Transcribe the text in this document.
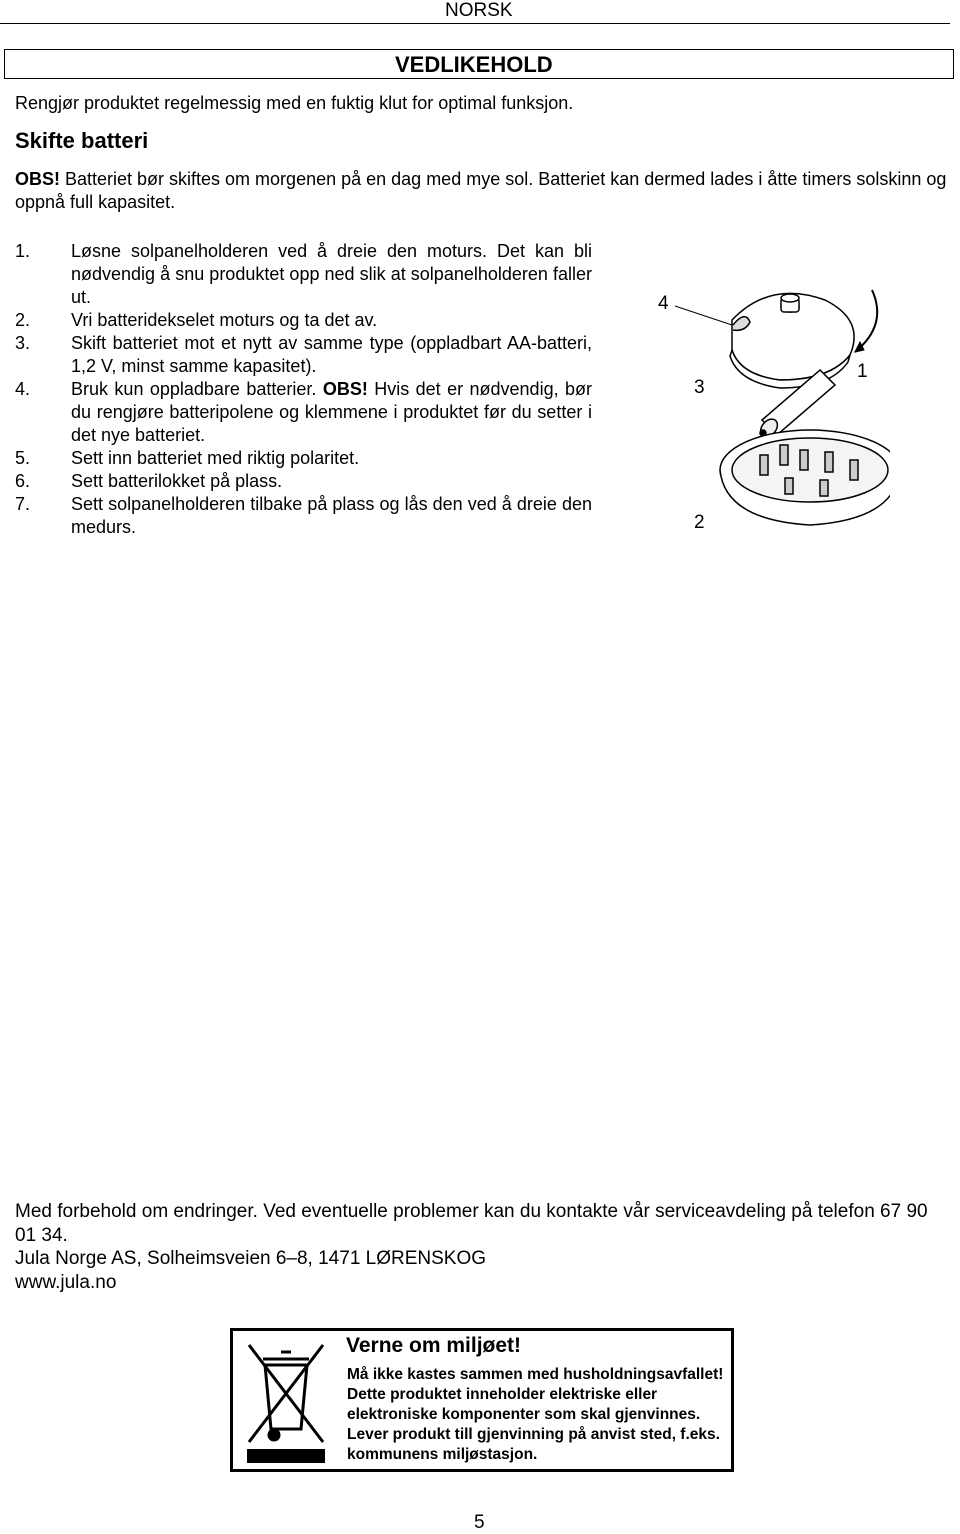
NORSK
VEDLIKEHOLD
Rengjør produktet regelmessig med en fuktig klut for optimal funksjon.
Skifte batteri
OBS! Batteriet bør skiftes om morgenen på en dag med mye sol. Batteriet kan dermed lades i åtte timers solskinn og oppnå full kapasitet.
1. Løsne solpanelholderen ved å dreie den moturs. Det kan bli nødvendig å snu produktet opp ned slik at solpanelholderen faller ut.
2. Vri batteridekselet moturs og ta det av.
3. Skift batteriet mot et nytt av samme type (oppladbart AA-batteri, 1,2 V, minst samme kapasitet).
4. Bruk kun oppladbare batterier. OBS! Hvis det er nødvendig, bør du rengjøre batteripolene og klemmene i produktet før du setter i det nye batteriet.
5. Sett inn batteriet med riktig polaritet.
6. Sett batterilokket på plass.
7. Sett solpanelholderen tilbake på plass og lås den ved å dreie den medurs.
1
2
3
4
Med forbehold om endringer. Ved eventuelle problemer kan du kontakte vår serviceavdeling på telefon 67 90 01 34.
Jula Norge AS, Solheimsveien 6–8, 1471 LØRENSKOG
www.jula.no
Verne om miljøet!
Må ikke kastes sammen med husholdningsavfallet!
Dette produktet inneholder elektriske eller
elektroniske komponenter som skal gjenvinnes.
Lever produkt till gjenvinning på anvist sted, f.eks.
kommunens miljøstasjon.
5
